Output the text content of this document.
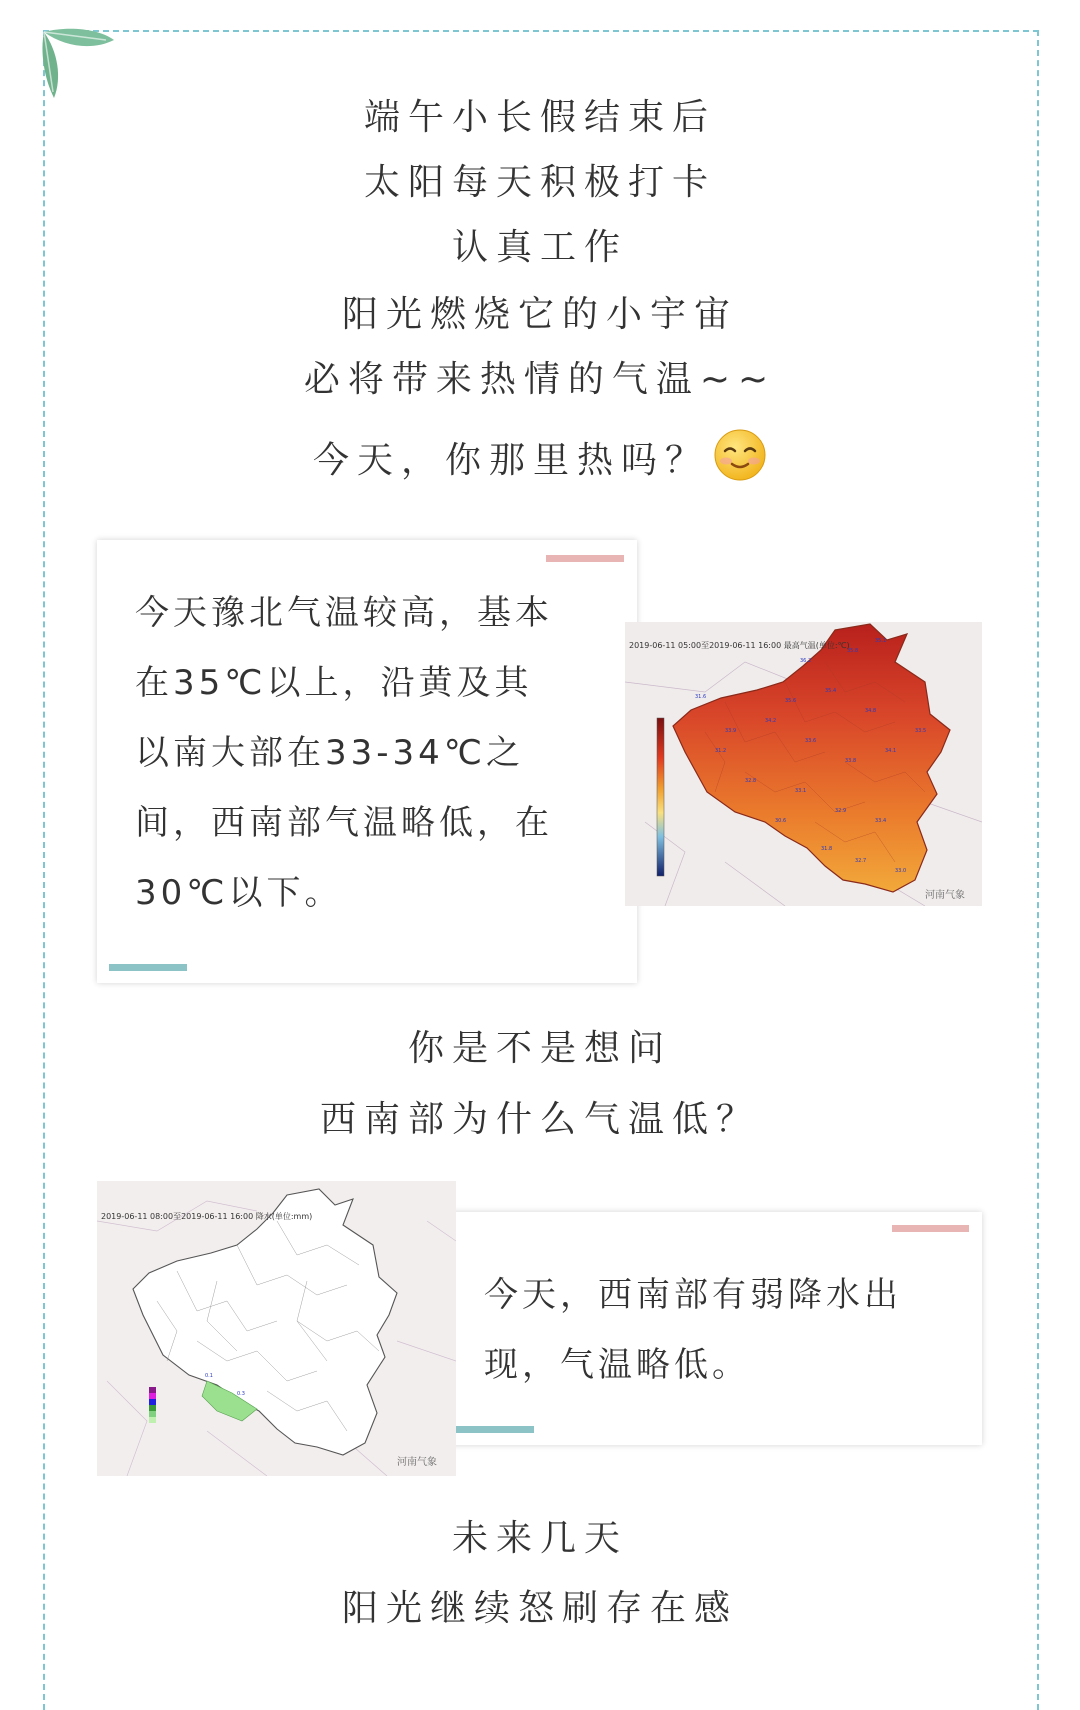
端午小长假结束后
太阳每天积极打卡
认真工作
阳光燃烧它的小宇宙
必将带来热情的气温~~
今天，你那里热吗？
今天豫北气温较高，基本
在35℃以上，沿黄及其
以南大部在33-34℃之
间，西南部气温略低，在
30℃以下。
36.2
35.8
35.1
35.6
35.4
34.8
33.9
34.2
33.6
33.8
34.1
33.5
32.8
33.1
32.9
33.4
31.2
30.6
32.7
33.0
31.8
31.6
2019-06-11 05:00至2019-06-11 16:00 最高气温(单位:℃)
河南气象
你是不是想问
西南部为什么气温低？
今天，西南部有弱降水出
现，气温略低。
0.1
0.3
2019-06-11 08:00至2019-06-11 16:00 降水(单位:mm)
河南气象
未来几天
阳光继续怒刷存在感
